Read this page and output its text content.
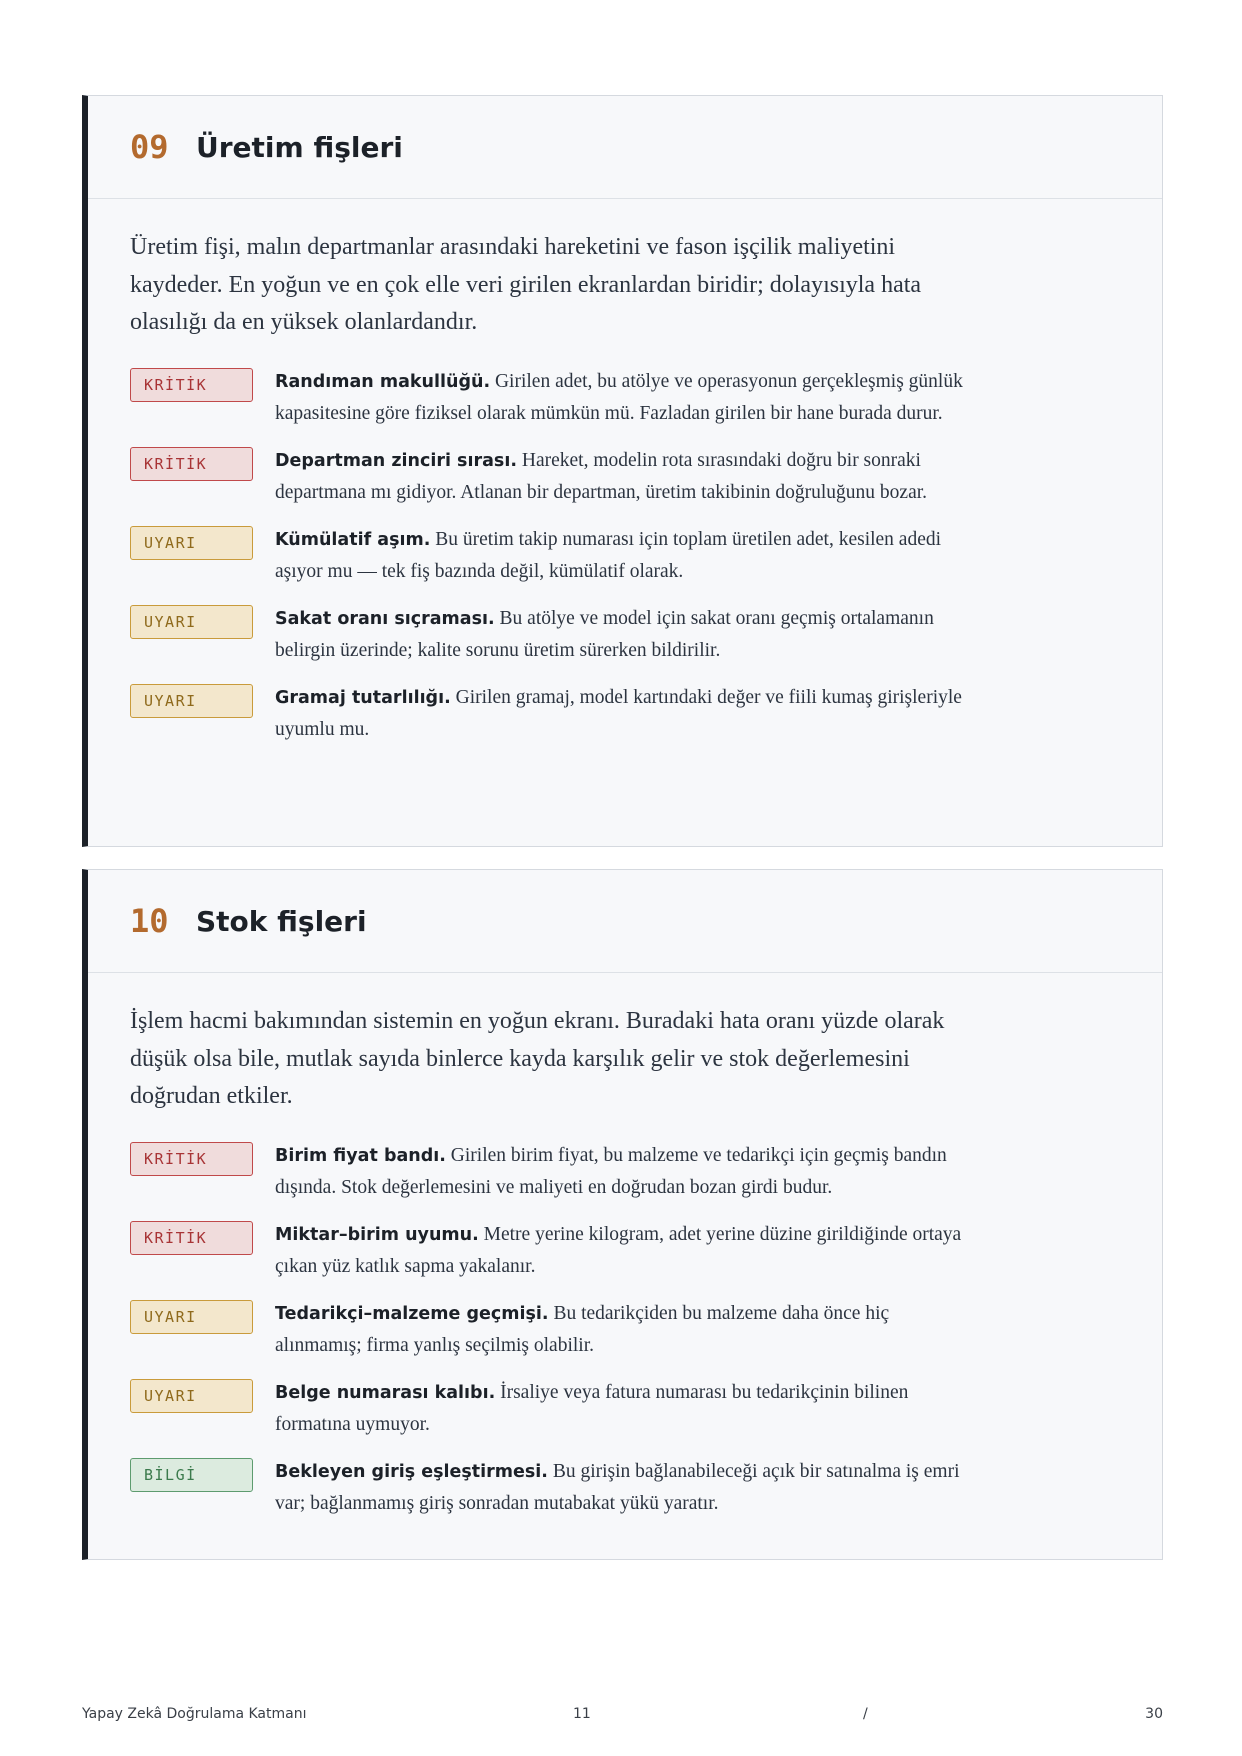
09 Üretim fişleri

Üretim fişi, malın departmanlar arasındaki hareketini ve fason işçilik maliyetini kaydeder. En yoğun ve en çok elle veri girilen ekranlardan biridir; dolayısıyla hata olasılığı da en yüksek olanlardandır.

KRİTİK	Randıman makullüğü. Girilen adet, bu atölye ve operasyonun gerçekleşmiş günlük kapasitesine göre fiziksel olarak mümkün mü. Fazladan girilen bir hane burada durur.
KRİTİK	Departman zinciri sırası. Hareket, modelin rota sırasındaki doğru bir sonraki departmana mı gidiyor. Atlanan bir departman, üretim takibinin doğruluğunu bozar.
UYARI	Kümülatif aşım. Bu üretim takip numarası için toplam üretilen adet, kesilen adedi aşıyor mu — tek fiş bazında değil, kümülatif olarak.
UYARI	Sakat oranı sıçraması. Bu atölye ve model için sakat oranı geçmiş ortalamanın belirgin üzerinde; kalite sorunu üretim sürerken bildirilir.
UYARI	Gramaj tutarlılığı. Girilen gramaj, model kartındaki değer ve fiili kumaş girişleriyle uyumlu mu.
10 Stok fişleri

İşlem hacmi bakımından sistemin en yoğun ekranı. Buradaki hata oranı yüzde olarak düşük olsa bile, mutlak sayıda binlerce kayda karşılık gelir ve stok değerlemesini doğrudan etkiler.

KRİTİK	Birim fiyat bandı. Girilen birim fiyat, bu malzeme ve tedarikçi için geçmiş bandın dışında. Stok değerlemesini ve maliyeti en doğrudan bozan girdi budur.
KRİTİK	Miktar–birim uyumu. Metre yerine kilogram, adet yerine düzine girildiğinde ortaya çıkan yüz katlık sapma yakalanır.
UYARI	Tedarikçi–malzeme geçmişi. Bu tedarikçiden bu malzeme daha önce hiç alınmamış; firma yanlış seçilmiş olabilir.
UYARI	Belge numarası kalıbı. İrsaliye veya fatura numarası bu tedarikçinin bilinen formatına uymuyor.
BİLGİ	Bekleyen giriş eşleştirmesi. Bu girişin bağlanabileceği açık bir satınalma iş emri var; bağlanmamış giriş sonradan mutabakat yükü yaratır.
Yapay Zekâ Doğrulama Katmanı	11	/	30
